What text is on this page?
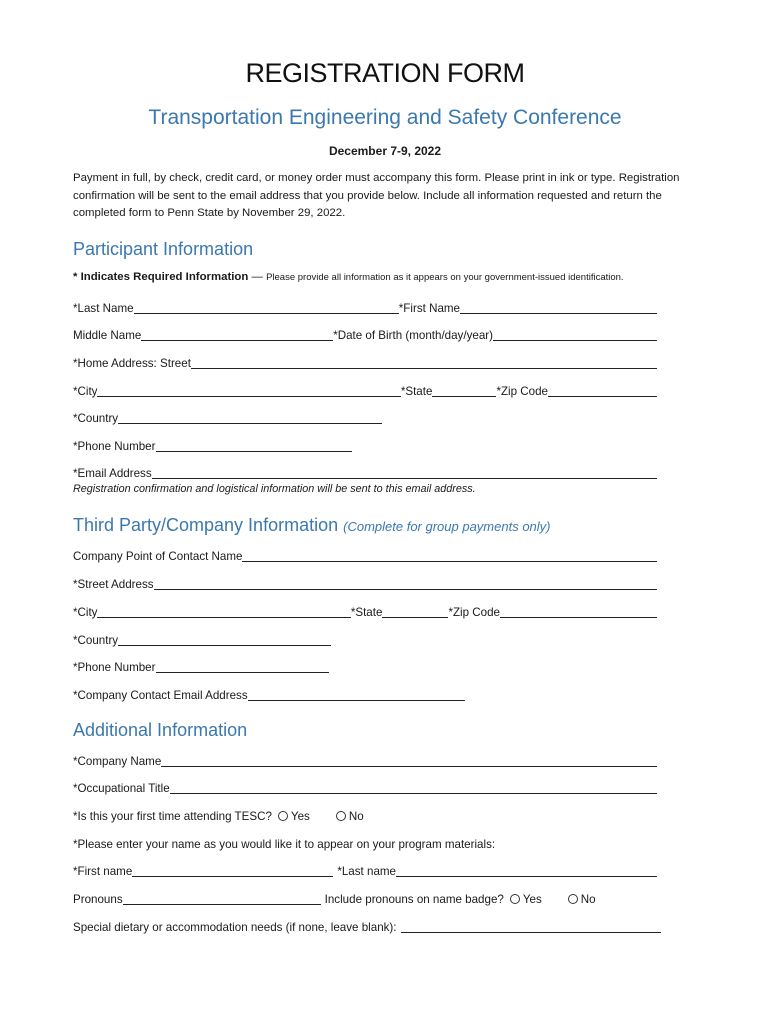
REGISTRATION FORM
Transportation Engineering and Safety Conference
December 7-9, 2022
Payment in full, by check, credit card, or money order must accompany this form. Please print in ink or type. Registration confirmation will be sent to the email address that you provide below. Include all information requested and return the completed form to Penn State by November 29, 2022.
Participant Information
* Indicates Required Information — Please provide all information as it appears on your government-issued identification.
*Last Name	*First Name
Middle Name	*Date of Birth (month/day/year)
*Home Address: Street
*City	*State	*Zip Code
*Country
*Phone Number
*Email Address
Registration confirmation and logistical information will be sent to this email address.
Third Party/Company Information (Complete for group payments only)
Company Point of Contact Name
*Street Address
*City	*State	*Zip Code
*Country
*Phone Number
*Company Contact Email Address
Additional Information
*Company Name
*Occupational Title
*Is this your first time attending TESC? Yes	No
*Please enter your name as you would like it to appear on your program materials:
*First name	*Last name
Pronouns	Include pronouns on name badge? Yes	No
Special dietary or accommodation needs (if none, leave blank):
